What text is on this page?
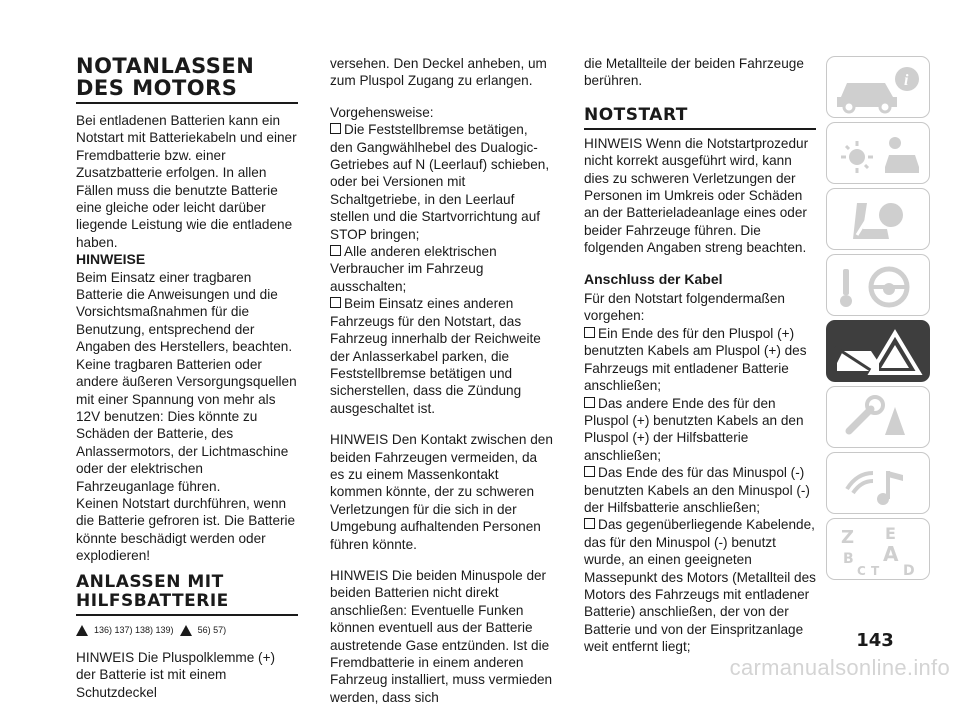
NOTANLASSEN DES MOTORS

Bei entladenen Batterien kann ein Notstart mit Batteriekabeln und einer Fremdbatterie bzw. einer Zusatzbatterie erfolgen. In allen Fällen muss die benutzte Batterie eine gleiche oder leicht darüber liegende Leistung wie die entladene haben.

HINWEISE

Beim Einsatz einer tragbaren Batterie die Anweisungen und die Vorsichtsmaßnahmen für die Benutzung, entsprechend der Angaben des Herstellers, beachten.

Keine tragbaren Batterien oder andere äußeren Versorgungsquellen mit einer Spannung von mehr als 12V benutzen: Dies könnte zu Schäden der Batterie, des Anlassermotors, der Lichtmaschine oder der elektrischen Fahrzeuganlage führen.

Keinen Notstart durchführen, wenn die Batterie gefroren ist. Die Batterie könnte beschädigt werden oder explodieren!

ANLASSEN MIT HILFSBATTERIE
136) 137) 138) 139)	56) 57)

HINWEIS Die Pluspolklemme (+) der Batterie ist mit einem Schutzdeckel

versehen. Den Deckel anheben, um zum Pluspol Zugang zu erlangen.

Vorgehensweise:

Die Feststellbremse betätigen, den Gangwählhebel des Dualogic-Getriebes auf N (Leerlauf) schieben, oder bei Versionen mit Schaltgetriebe, in den Leerlauf stellen und die Startvorrichtung auf STOP bringen;

Alle anderen elektrischen Verbraucher im Fahrzeug ausschalten;

Beim Einsatz eines anderen Fahrzeugs für den Notstart, das Fahrzeug innerhalb der Reichweite der Anlasserkabel parken, die Feststellbremse betätigen und sicherstellen, dass die Zündung ausgeschaltet ist.

HINWEIS Den Kontakt zwischen den beiden Fahrzeugen vermeiden, da es zu einem Massenkontakt kommen könnte, der zu schweren Verletzungen für die sich in der Umgebung aufhaltenden Personen führen könnte.

HINWEIS Die beiden Minuspole der beiden Batterien nicht direkt anschließen: Eventuelle Funken können eventuell aus der Batterie austretende Gase entzünden. Ist die Fremdbatterie in einem anderen Fahrzeug installiert, muss vermieden werden, dass sich

die Metallteile der beiden Fahrzeuge berühren.

NOTSTART

HINWEIS Wenn die Notstartprozedur nicht korrekt ausgeführt wird, kann dies zu schweren Verletzungen der Personen im Umkreis oder Schäden an der Batterieladeanlage eines oder beider Fahrzeuge führen. Die folgenden Angaben streng beachten.

Anschluss der Kabel

Für den Notstart folgendermaßen vorgehen:

Ein Ende des für den Pluspol (+) benutzten Kabels am Pluspol (+) des Fahrzeugs mit entladener Batterie anschließen;

Das andere Ende des für den Pluspol (+) benutzten Kabels an den Pluspol (+) der Hilfsbatterie anschließen;

Das Ende des für das Minuspol (-) benutzten Kabels an den Minuspol (-) der Hilfsbatterie anschließen;

Das gegenüberliegende Kabelende, das für den Minuspol (-) benutzt wurde, an einen geeigneten Massepunkt des Motors (Metallteil des Motors des Fahrzeugs mit entladener Batterie) anschließen, der von der Batterie und von der Einspritzanlage weit entfernt liegt;

i
Z E
B A
C T D
143
carmanualsonline.info
